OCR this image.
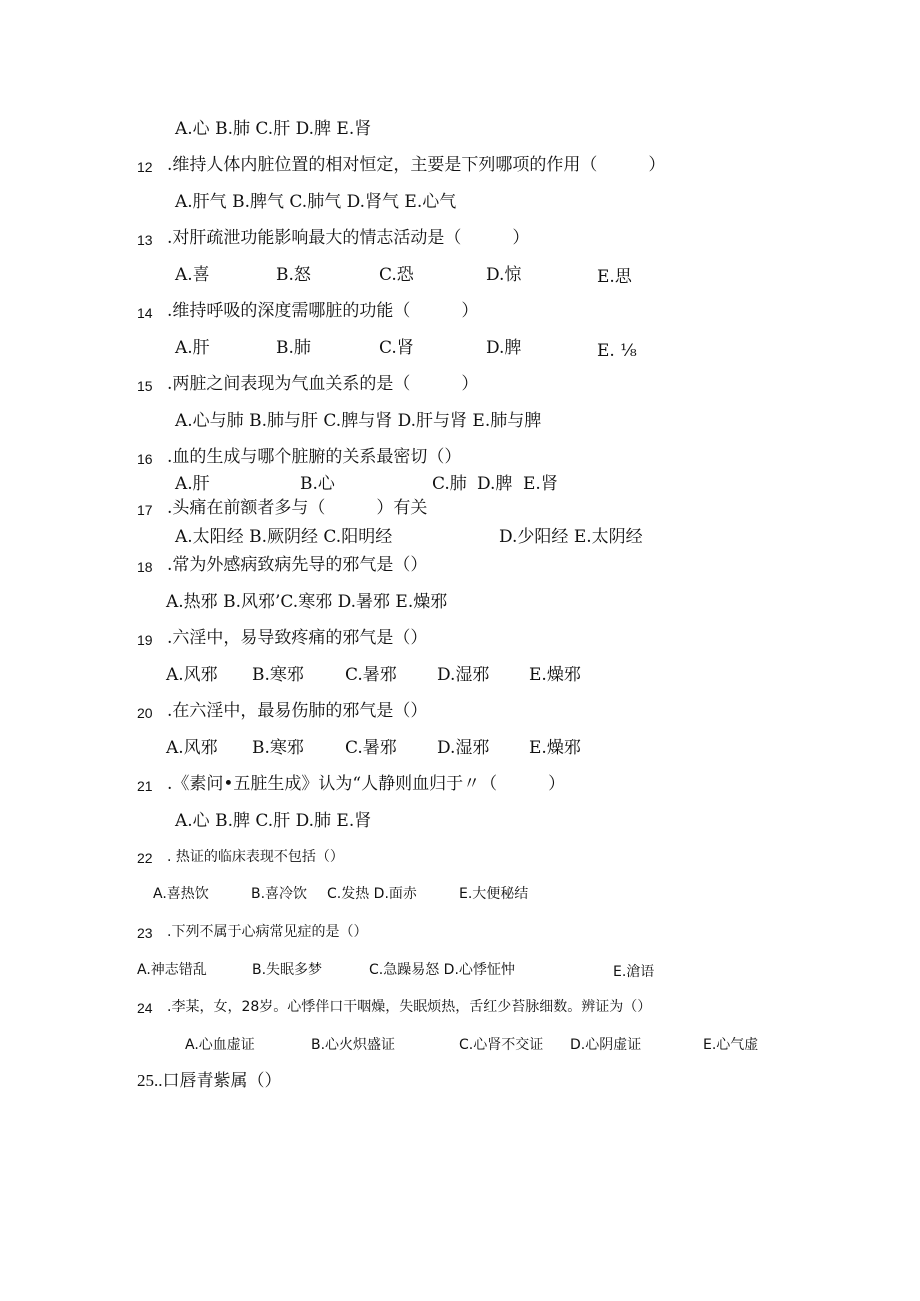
A.心 B.肺 C.肝 D.脾 E.肾
12 .维持人体内脏位置的相对恒定，主要是下列哪项的作用（　　　）
A.肝气 B.脾气 C.肺气 D.肾气 E.心气
13 .对肝疏泄功能影响最大的情志活动是（　　　）
A.喜	B.怒	C.恐	D.惊	E.思
14 .维持呼吸的深度需哪脏的功能（　　　）
A.肝	B.肺	C.肾	D.脾	E. ⅛
15 .两脏之间表现为气血关系的是（　　　）
A.心与肺 B.肺与肝 C.脾与肾 D.肝与肾 E.肺与脾
16 .血的生成与哪个脏腑的关系最密切（）
A.肝	B.心	C.肺 D.脾 E.肾
17 .头痛在前额者多与（　　　）有关
A.太阳经 B.厥阴经 C.阳明经	D.少阳经 E.太阴经
18 .常为外感病致病先导的邪气是（）
A.热邪 B.风邪’C.寒邪 D.暑邪 E.燥邪
19 .六淫中，易导致疼痛的邪气是（）
A.风邪 B.寒邪 C.暑邪 D.湿邪 E.燥邪
20 .在六淫中，最易伤肺的邪气是（）
A.风邪 B.寒邪 C.暑邪 D.湿邪 E.燥邪
21 .《素问•五脏生成》认为“人静则血归于〃（　　　）
A.心 B.脾 C.肝 D.肺 E.肾
22 . 热证的临床表现不包括（）
A.喜热饮	B.喜冷饮 C.发热 D.面赤	E.大便秘结
23 .下列不属于心病常见症的是（）
A.神志错乱	B.失眠多梦	C.急躁易怒 D.心悸怔忡	E.滄语
24 .李某，女，28岁。心悸伴口干咽燥，失眠烦热，舌红少苔脉细数。辨证为（）
A.心血虚证	B.心火炽盛证	C.心肾不交证 D.心阴虚证	E.心气虚
25..口唇青紫属（）
